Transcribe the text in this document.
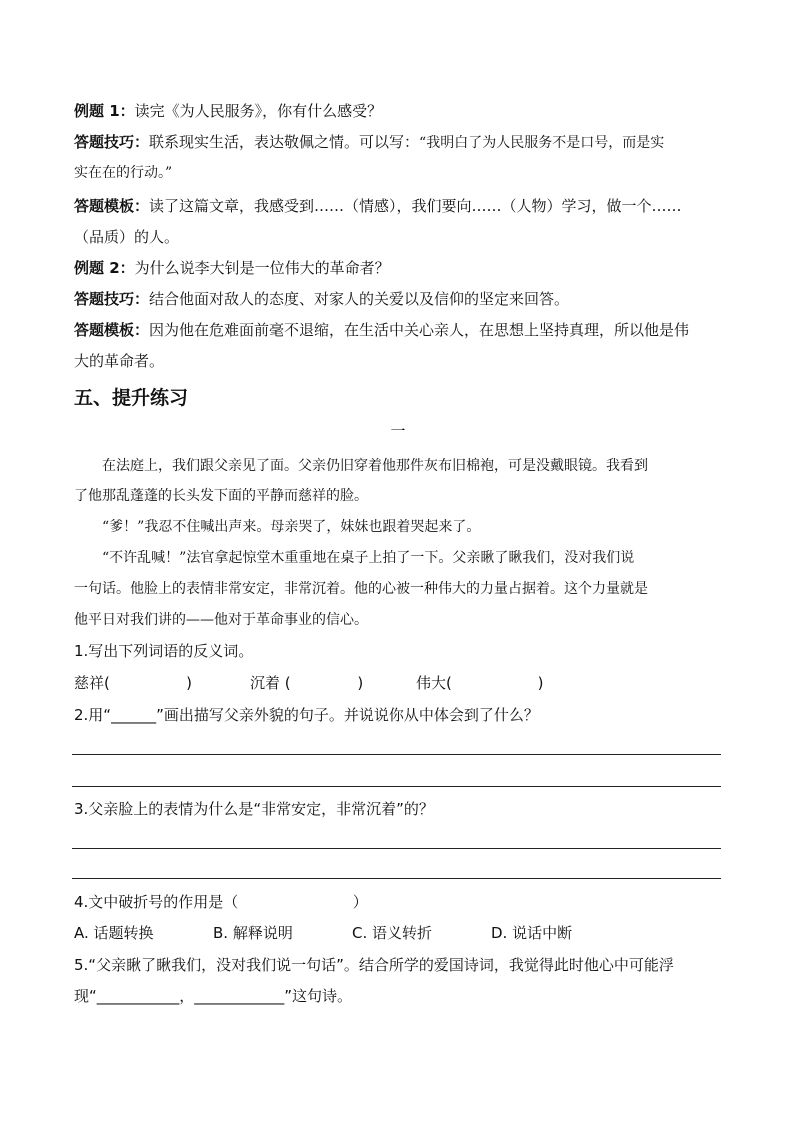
例题 1：读完《为人民服务》，你有什么感受？
答题技巧：联系现实生活，表达敬佩之情。可以写：“我明白了为人民服务不是口号，而是实
实在在的行动。”
答题模板：读了这篇文章，我感受到……（情感），我们要向……（人物）学习，做一个……
（品质）的人。
例题 2：为什么说李大钊是一位伟大的革命者？
答题技巧：结合他面对敌人的态度、对家人的关爱以及信仰的坚定来回答。
答题模板：因为他在危难面前毫不退缩，在生活中关心亲人，在思想上坚持真理，所以他是伟
大的革命者。
五、提升练习
一
在法庭上，我们跟父亲见了面。父亲仍旧穿着他那件灰布旧棉袍，可是没戴眼镜。我看到
了他那乱蓬蓬的长头发下面的平静而慈祥的脸。
“爹！”我忍不住喊出声来。母亲哭了，妹妹也跟着哭起来了。
“不许乱喊！”法官拿起惊堂木重重地在桌子上拍了一下。父亲瞅了瞅我们，没对我们说
一句话。他脸上的表情非常安定，非常沉着。他的心被一种伟大的力量占据着。这个力量就是
他平日对我们讲的——他对于革命事业的信心。
1.写出下列词语的反义词。
慈祥(                )	沉着 (              )	伟大(                  )
2.用“______”画出描写父亲外貌的句子。并说说你从中体会到了什么？
3.父亲脸上的表情为什么是“非常安定，非常沉着”的？
4.文中破折号的作用是（                        ）
A. 话题转换	B. 解释说明	C. 语义转折	D. 说话中断
5.“父亲瞅了瞅我们，没对我们说一句话”。结合所学的爱国诗词，我觉得此时他心中可能浮
现“___________，____________”这句诗。
